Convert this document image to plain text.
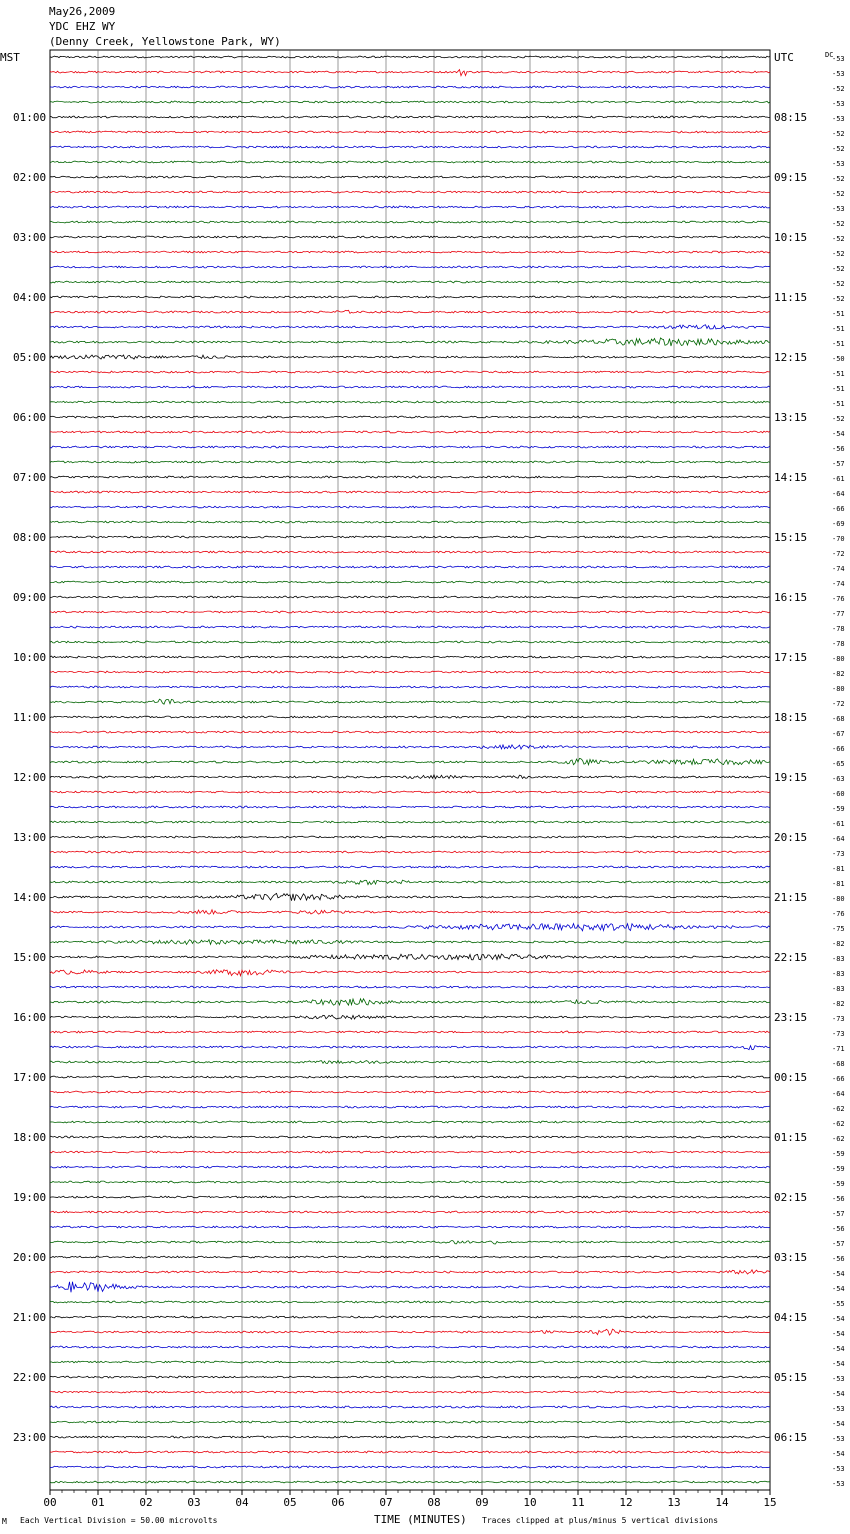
May26,2009
YDC EHZ WY
(Denny Creek, Yellowstone Park, WY)
MST	DC
01:00
02:00
03:00
04:00
05:00
06:00
07:00
08:00
09:00
10:00
11:00
12:00
13:00
14:00
15:00
16:00
17:00
18:00
19:00
20:00
21:00
22:00
23:00
UTC
08:15
09:15
10:15
11:15
12:15
13:15
14:15
15:15
16:15
17:15
18:15
19:15
20:15
21:15
22:15
23:15
00:15
01:15
02:15
03:15
04:15
05:15
06:15
-53
-53
-52
-53
-53
-52
-52
-53
-52
-52
-53
-52
-52
-52
-52
-52
-52
-51
-51
-51
-50
-51
-51
-51
-52
-54
-56
-57
-61
-64
-66
-69
-70
-72
-74
-74
-76
-77
-78
-78
-80
-82
-80
-72
-68
-67
-66
-65
-63
-60
-59
-61
-64
-73
-81
-81
-80
-76
-75
-82
-83
-83
-83
-82
-73
-73
-71
-68
-66
-64
-62
-62
-62
-59
-59
-59
-56
-57
-56
-57
-56
-54
-54
-55
-54
-54
-54
-54
-53
-54
-53
-54
-53
-54
-53
-53
00	01	02	03	04	05	06	07	08	09	10	11	12	13	14	15
M Each Vertical Division = 50.00 microvolts	TIME (MINUTES) Traces clipped at plus/minus 5 vertical divisions
